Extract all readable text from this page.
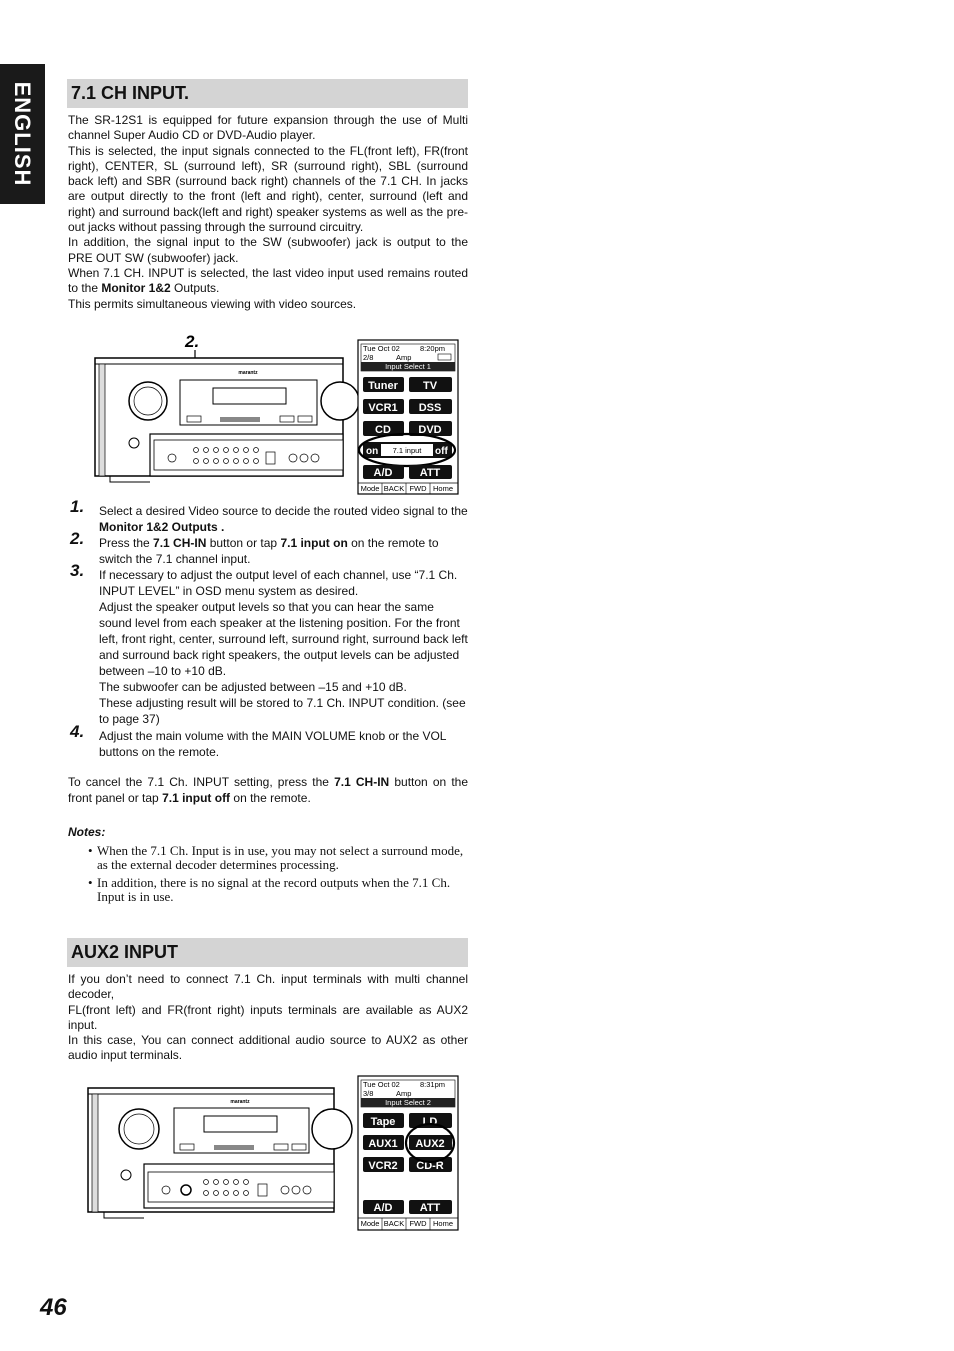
ENGLISH 7.1 CH INPUT.

The SR-12S1 is equipped for future expansion through the use of Multi channel Super Audio CD or DVD-Audio player.

This is selected, the input signals connected to the FL(front left), FR(front right), CENTER, SL (surround left), SR (surround right), SBL (surround back left) and SBR (surround back right) channels of the 7.1 CH. In jacks are output directly to the front (left and right), center, surround (left and right) and surround back(left and right) speaker systems as well as the pre-out jacks without passing through the surround circuitry.

In addition, the signal input to the SW (subwoofer) jack is output to the PRE OUT SW (subwoofer) jack.

When 7.1 CH. INPUT is selected, the last video input used remains routed to the Monitor 1&2 Outputs.

This permits simultaneous viewing with video sources.

2.
marantz
Tue Oct 02	8:20pm
2/8	Amp
Input Select 1
Tuner TV
VCR1 DSS
CD DVD
on 7.1 input off
A/D ATT
Mode BACK FWD Home
1. Select a desired Video source to decide the routed video signal to the Monitor 1&2 Outputs .
2. Press the 7.1 CH-IN button or tap 7.1 input on on the remote to switch the 7.1 channel input.
3. If necessary to adjust the output level of each channel, use “7.1 Ch. INPUT LEVEL” in OSD menu system as desired.
Adjust the speaker output levels so that you can hear the same sound level from each speaker at the listening position. For the front left, front right, center, surround left, surround right, surround back left and surround back right speakers, the output levels can be adjusted between –10 to +10 dB.
The subwoofer can be adjusted between –15 and +10 dB.
These adjusting result will be stored to 7.1 Ch. INPUT condition. (see to page 37)
4. Adjust the main volume with the MAIN VOLUME knob or the VOL buttons on the remote.
To cancel the 7.1 Ch. INPUT setting, press the 7.1 CH-IN button on the front panel or tap 7.1 input off on the remote.
Notes:
• When the 7.1 Ch. Input is in use, you may not select a surround mode, as the external decoder determines processing.
• In addition, there is no signal at the record outputs when the 7.1 Ch. Input is in use.
AUX2 INPUT

If you don’t need to connect 7.1 Ch. input terminals with multi channel decoder,

FL(front left) and FR(front right) inputs terminals are available as AUX2 input.

In this case, You can connect additional audio source to AUX2 as other audio input terminals.

marantz
Tue Oct 02	8:31pm
3/8	Amp
Input Select 2
Tape LD
AUX1 AUX2
VCR2 CD-R
A/D ATT
Mode BACK FWD Home
46
